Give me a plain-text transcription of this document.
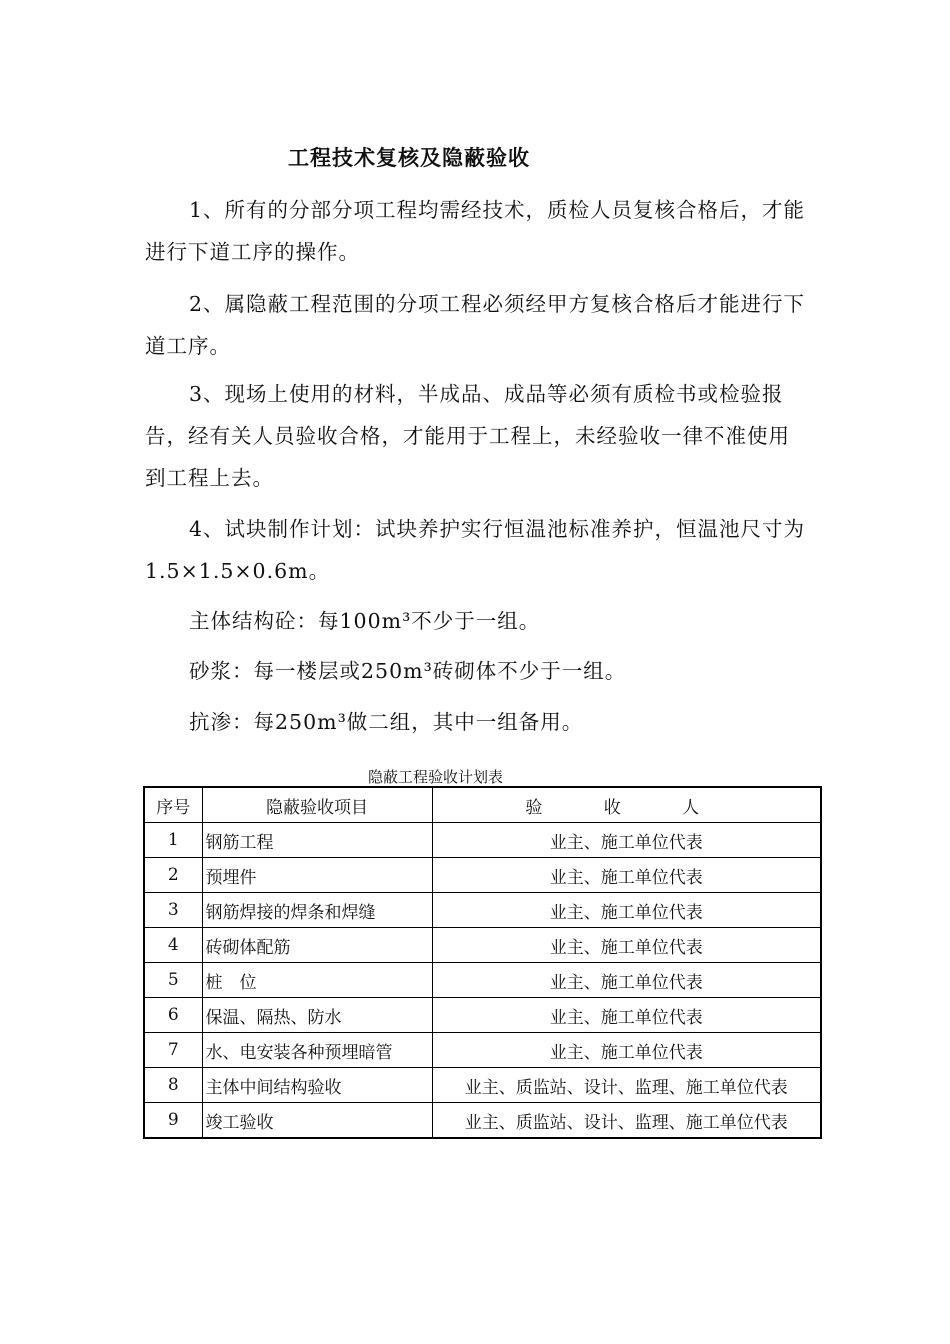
工程技术复核及隐蔽验收

1、所有的分部分项工程均需经技术，质检人员复核合格后，才能进行下道工序的操作。

2、属隐蔽工程范围的分项工程必须经甲方复核合格后才能进行下道工序。

3、现场上使用的材料，半成品、成品等必须有质检书或检验报告，经有关人员验收合格，才能用于工程上，未经验收一律不准使用到工程上去。

4、试块制作计划：试块养护实行恒温池标准养护，恒温池尺寸为1.5×1.5×0.6m。

主体结构砼：每100m³不少于一组。

砂浆：每一楼层或250m³砖砌体不少于一组。

抗渗：每250m³做二组，其中一组备用。

隐蔽工程验收计划表
序号	隐蔽验收项目	验 收 人
1	钢筋工程	业主、施工单位代表
2	预埋件	业主、施工单位代表
3	钢筋焊接的焊条和焊缝	业主、施工单位代表
4	砖砌体配筋	业主、施工单位代表
5	桩　位	业主、施工单位代表
6	保温、隔热、防水	业主、施工单位代表
7	水、电安装各种预埋暗管	业主、施工单位代表
8	主体中间结构验收	业主、质监站、设计、监理、施工单位代表
9	竣工验收	业主、质监站、设计、监理、施工单位代表
